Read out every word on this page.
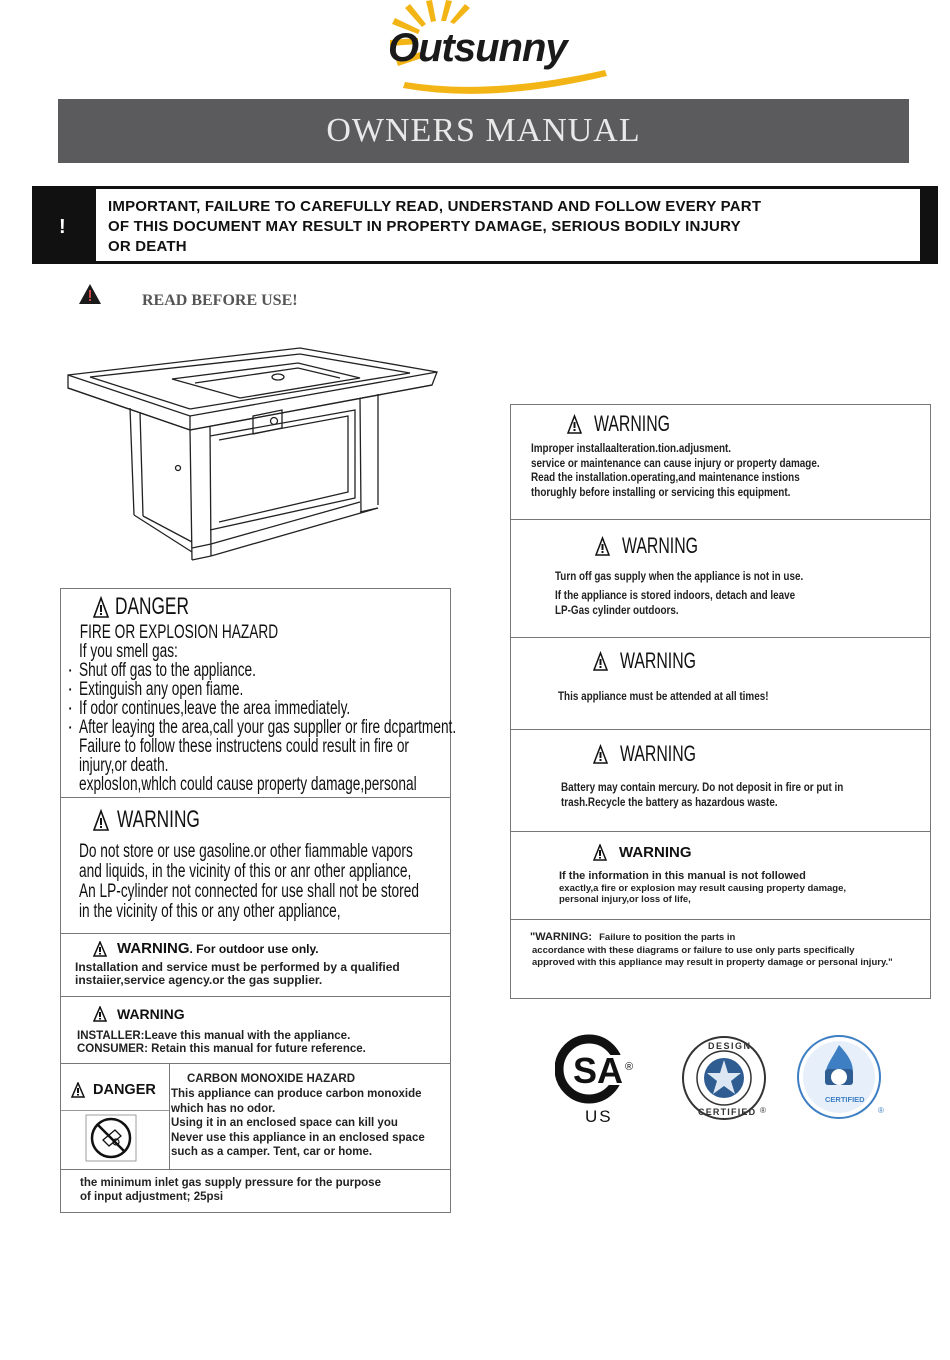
Outsunny
OWNERS MANUAL
!
IMPORTANT, FAILURE TO CAREFULLY READ, UNDERSTAND AND FOLLOW EVERY PART
OF THIS DOCUMENT MAY RESULT IN PROPERTY DAMAGE, SERIOUS BODILY INJURY
OR DEATH
!
READ BEFORE USE!
DANGER
FIRE OR EXPLOSION HAZARD
If you smell gas:
· Shut off gas to the appliance.
· Extinguish any open fiame.
· If odor continues,leave the area immediately.
· After leaying the area,call your gas suppller or fire dcpartment.
Failure to follow these instructens could result in fire or
injury,or death.
explosIon,whlch could cause property damage,personal
WARNING
Do not store or use gasoline.or other fiammable vapors
and liquids, in the vicinity of this or anr other appliance,
An LP-cylinder not connected for use shall not be stored
in the vicinity of this or any other appliance,
WARNING . For outdoor use only.
Installation and service must be performed by a qualified
instaiier,service agency.or the gas supplier.
WARNING
INSTALLER:Leave this manual with the appliance.
CONSUMER: Retain this manual for future reference.
DANGER
CARBON MONOXIDE HAZARD
This appliance can produce carbon monoxide
which has no odor.
Using it in an enclosed space can kill you
Never use this appliance in an enclosed space
such as a camper. Tent, car or home.
the minimum inlet gas supply pressure for the purpose
of input adjustment; 25psi
WARNING
Improper installaalteration.tion.adjusment.
service or maintenance can cause injury or property damage.
Read the installation.operating,and maintenance instions
thorughly before installing or servicing this equipment.
WARNING
Turn off gas supply when the appliance is not in use.
If the appliance is stored indoors, detach and leave
LP-Gas cylinder outdoors.
WARNING
This appliance must be attended at all times!
WARNING
Battery may contain mercury. Do not deposit in fire or put in
trash.Recycle the battery as hazardous waste.
WARNING
If the information in this manual is not followed
exactly,a fire or explosion may result causing property damage,
personal injury,or loss of life,
"WARNING: Failure to position the parts in
accordance with these diagrams or failure to use only parts specifically
approved with this appliance may result in property damage or personal injury."
SA ®
US
DESIGN
CERTIFIED ®
CERTIFIED
®
